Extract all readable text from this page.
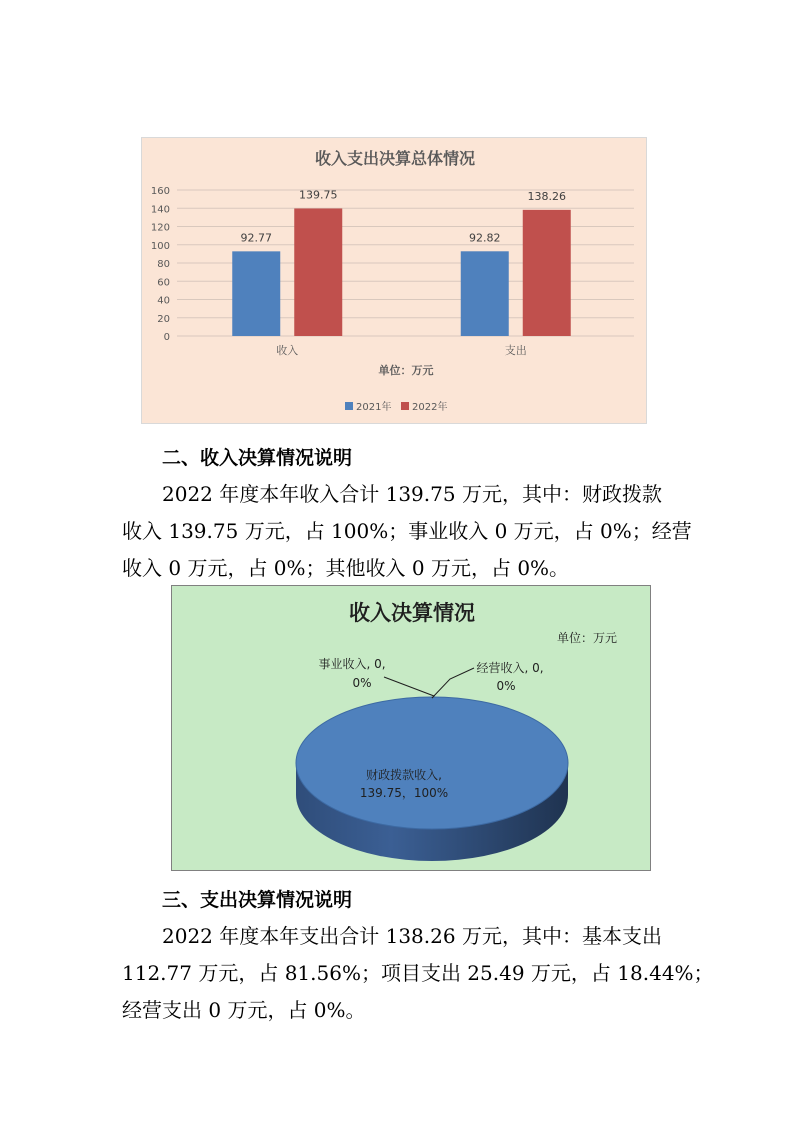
收入支出决算总体情况
0
20
40
60
80
100
120
140
160
92.77
139.75
收入
92.82
138.26
支出
单位：万元
2021年 2022年
二、收入决算情况说明
2022 年度本年收入合计 139.75 万元，其中：财政拨款
收入 139.75 万元，占 100%；事业收入 0 万元，占 0%；经营
收入 0 万元，占 0%；其他收入 0 万元，占 0%。
收入决算情况
单位：万元
事业收入, 0,
0%
经营收入, 0,
0%
财政拨款收入,
139.75，100%
三、支出决算情况说明
2022 年度本年支出合计 138.26 万元，其中：基本支出
112.77 万元，占 81.56%；项目支出 25.49 万元，占 18.44%；
经营支出 0 万元，占 0%。
